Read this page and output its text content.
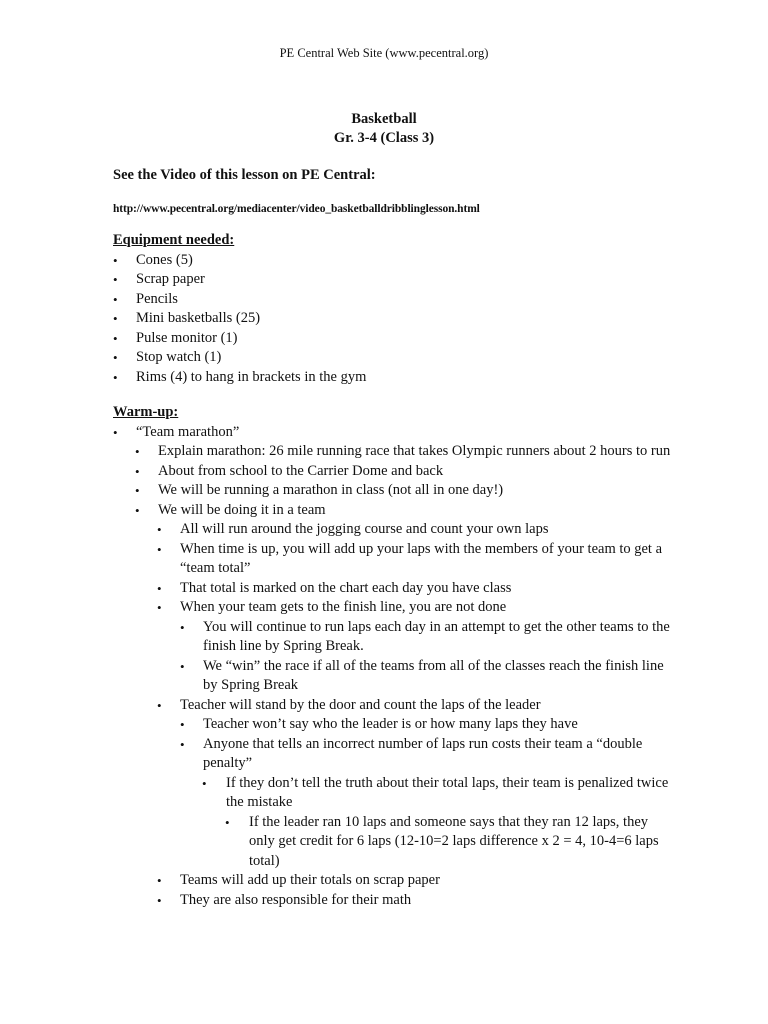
PE Central Web Site (www.pecentral.org)
Basketball
Gr. 3-4 (Class 3)

See the Video of this lesson on PE Central:

http://www.pecentral.org/mediacenter/video_basketballdribblinglesson.html

Equipment needed:

• Cones (5)
• Scrap paper
• Pencils
• Mini basketballs (25)
• Pulse monitor (1)
• Stop watch (1)
• Rims (4) to hang in brackets in the gym

Warm-up:

• “Team marathon”
• Explain marathon: 26 mile running race that takes Olympic runners about 2 hours to run
• About from school to the Carrier Dome and back
• We will be running a marathon in class (not all in one day!)
• We will be doing it in a team
• All will run around the jogging course and count your own laps
• When time is up, you will add up your laps with the members of your team to get a “team total”
• That total is marked on the chart each day you have class
• When your team gets to the finish line, you are not done
• You will continue to run laps each day in an attempt to get the other teams to the finish line by Spring Break.
• We “win” the race if all of the teams from all of the classes reach the finish line by Spring Break
• Teacher will stand by the door and count the laps of the leader
• Teacher won’t say who the leader is or how many laps they have
• Anyone that tells an incorrect number of laps run costs their team a “double penalty”
• If they don’t tell the truth about their total laps, their team is penalized twice the mistake
• If the leader ran 10 laps and someone says that they ran 12 laps, they only get credit for 6 laps (12-10=2 laps difference x 2 = 4, 10-4=6 laps total)
• Teams will add up their totals on scrap paper
• They are also responsible for their math
